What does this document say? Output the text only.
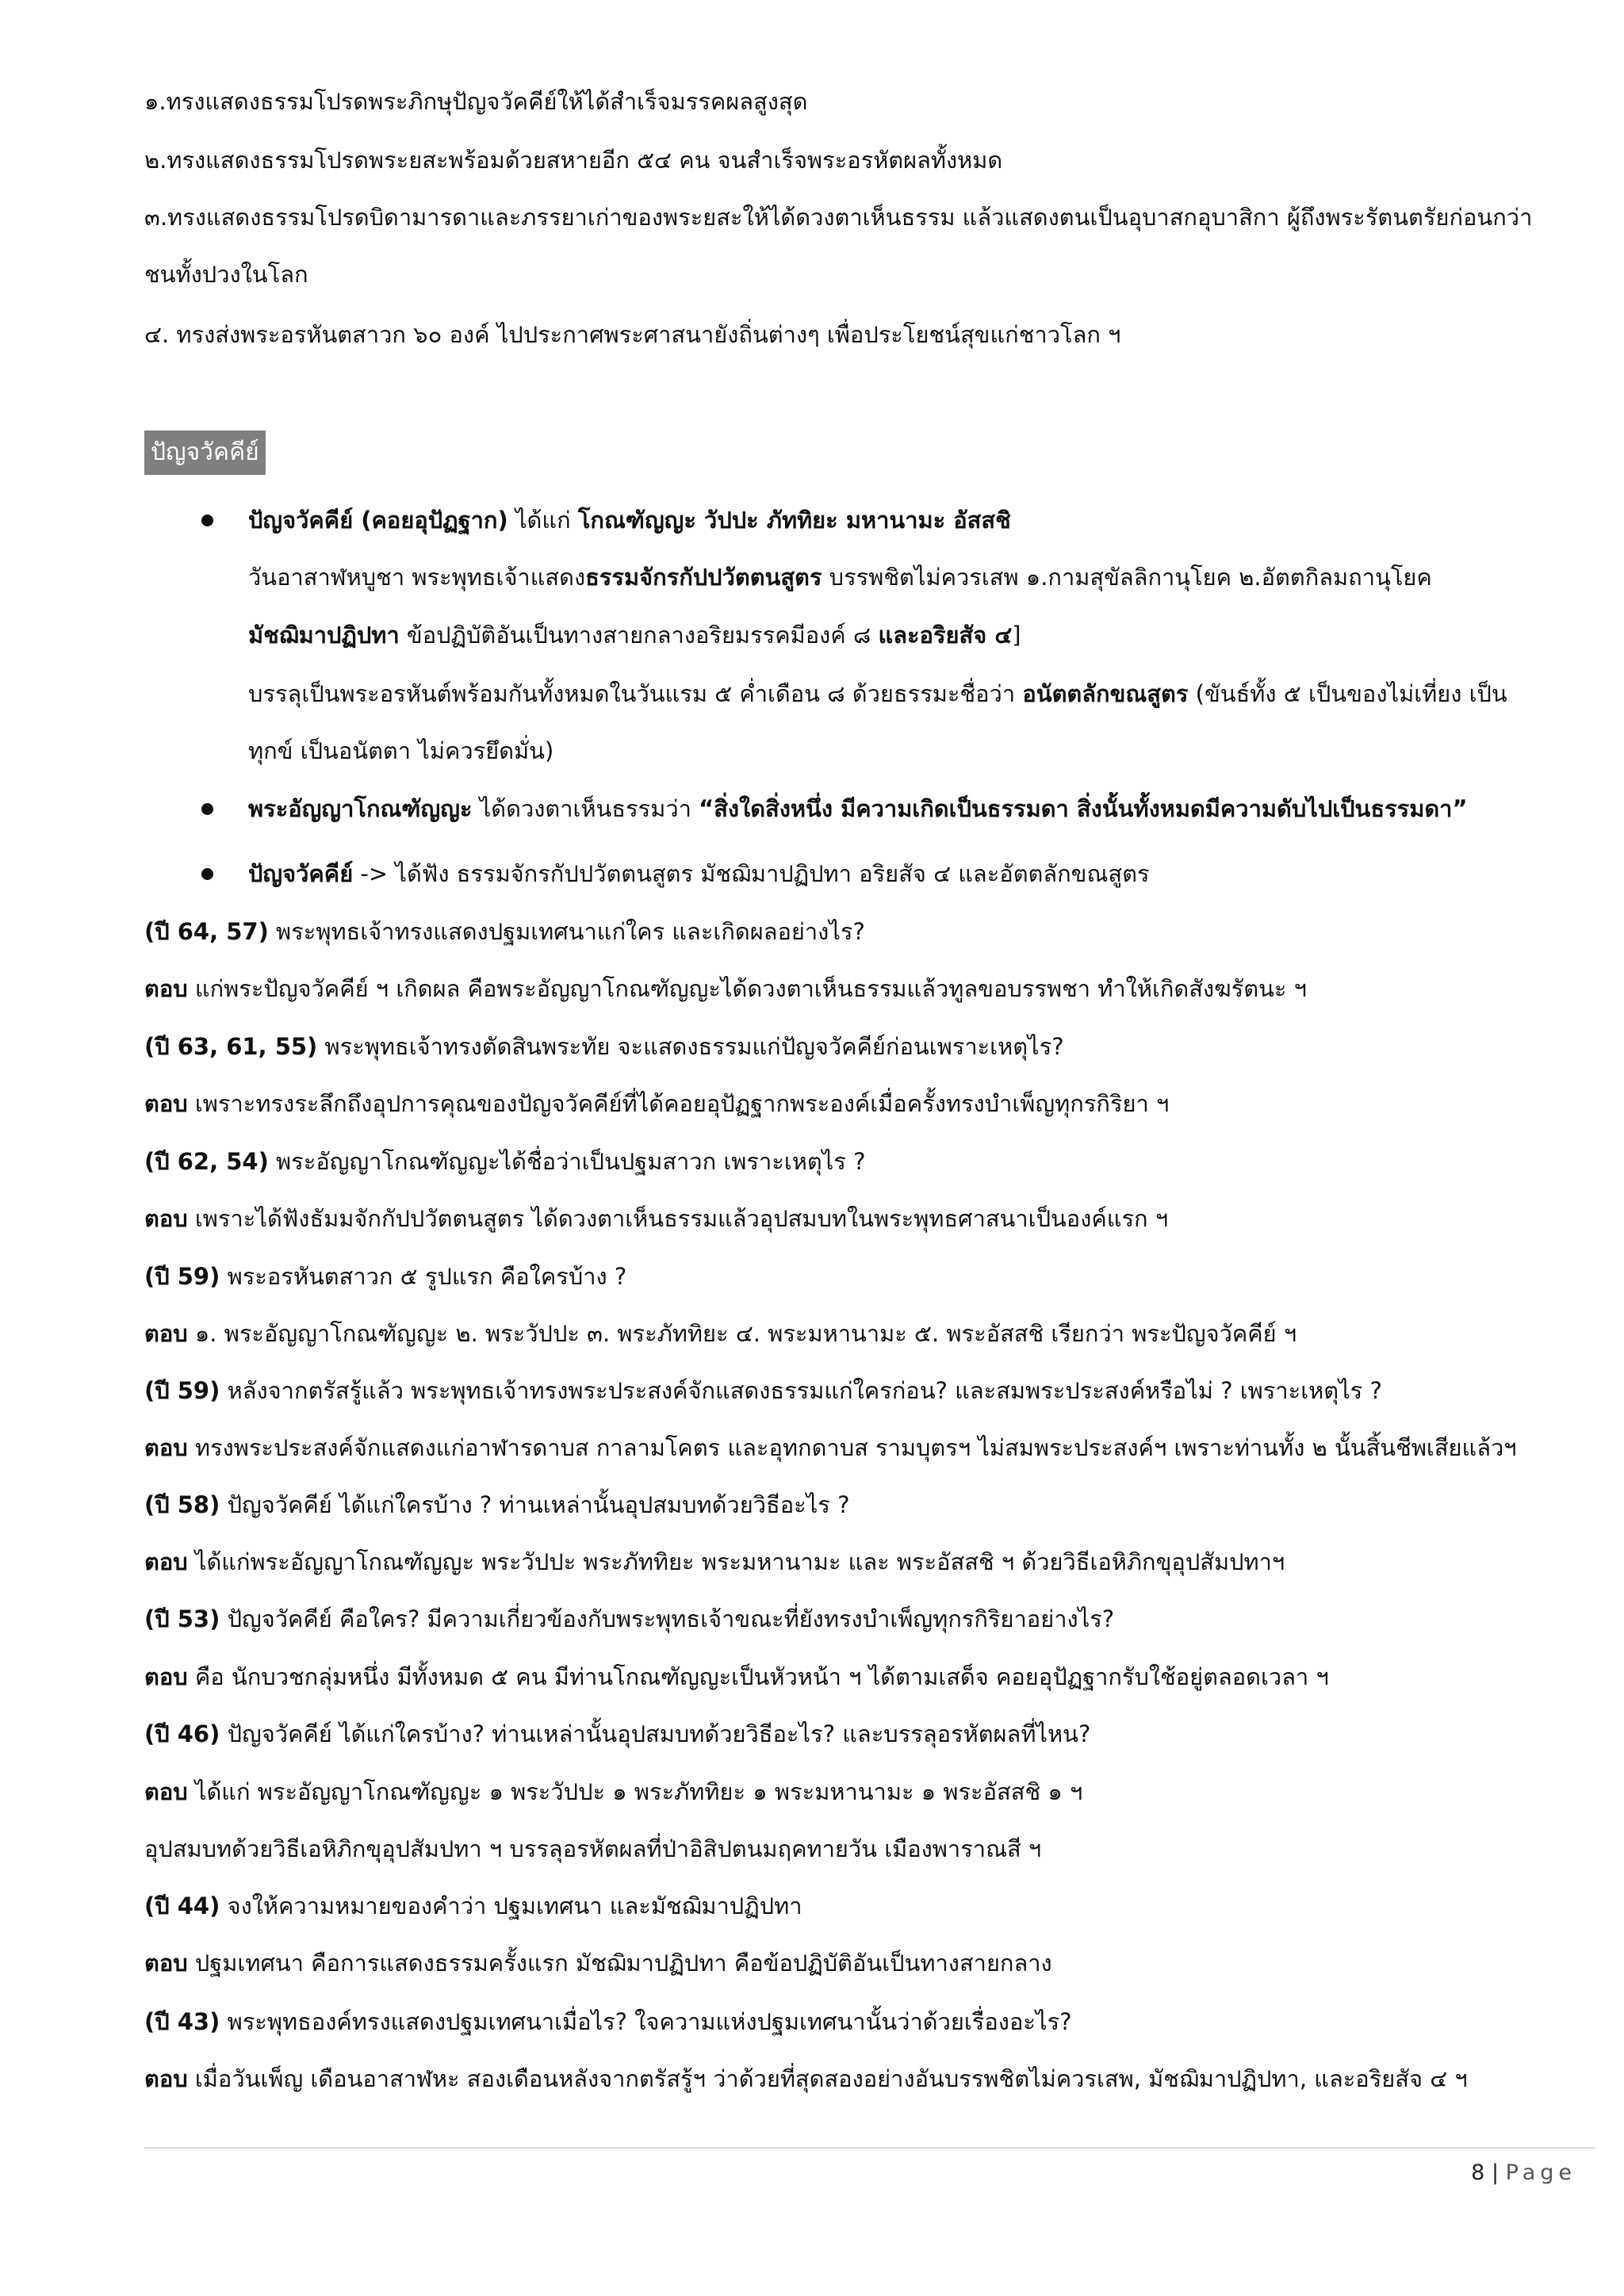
๑.ทรงแสดงธรรมโปรดพระภิกษุปัญจวัคคีย์ให้ได้สำเร็จมรรคผลสูงสุด
๒.ทรงแสดงธรรมโปรดพระยสะพร้อมด้วยสหายอีก ๕๔ คน จนสำเร็จพระอรหัตผลทั้งหมด
๓.ทรงแสดงธรรมโปรดบิดามารดาและภรรยาเก่าของพระยสะให้ได้ดวงตาเห็นธรรม แล้วแสดงตนเป็นอุบาสกอุบาสิกา ผู้ถึงพระรัตนตรัยก่อนกว่า
ชนทั้งปวงในโลก
๔. ทรงส่งพระอรหันตสาวก ๖๐ องค์ ไปประกาศพระศาสนายังถิ่นต่างๆ เพื่อประโยชน์สุขแก่ชาวโลก ฯ
ปัญจวัคคีย์
ปัญจวัคคีย์ (คอยอุปัฏฐาก) ได้แก่ โกณฑัญญะ วัปปะ ภัททิยะ มหานามะ อัสสชิ
วันอาสาฬหบูชา พระพุทธเจ้าแสดงธรรมจักรกัปปวัตตนสูตร บรรพชิตไม่ควรเสพ ๑.กามสุขัลลิกานุโยค ๒.อัตตกิลมถานุโยค
มัชฌิมาปฏิปทา ข้อปฏิบัติอันเป็นทางสายกลางอริยมรรคมีองค์ ๘ และอริยสัจ ๔]
บรรลุเป็นพระอรหันต์พร้อมกันทั้งหมดในวันแรม ๕ ค่ำเดือน ๘ ด้วยธรรมะชื่อว่า อนัตตลักขณสูตร (ขันธ์ทั้ง ๕ เป็นของไม่เที่ยง เป็น
ทุกข์ เป็นอนัตตา ไม่ควรยึดมั่น)
พระอัญญาโกณฑัญญะ ได้ดวงตาเห็นธรรมว่า “สิ่งใดสิ่งหนึ่ง มีความเกิดเป็นธรรมดา สิ่งนั้นทั้งหมดมีความดับไปเป็นธรรมดา”
ปัญจวัคคีย์ -> ได้ฟัง ธรรมจักรกัปปวัตตนสูตร มัชฌิมาปฏิปทา อริยสัจ ๔ และอัตตลักขณสูตร
(ปี 64, 57) พระพุทธเจ้าทรงแสดงปฐมเทศนาแก่ใคร และเกิดผลอย่างไร?
ตอบ แก่พระปัญจวัคคีย์ ฯ เกิดผล คือพระอัญญาโกณฑัญญะได้ดวงตาเห็นธรรมแล้วทูลขอบรรพชา ทำให้เกิดสังฆรัตนะ ฯ
(ปี 63, 61, 55) พระพุทธเจ้าทรงตัดสินพระทัย จะแสดงธรรมแก่ปัญจวัคคีย์ก่อนเพราะเหตุไร?
ตอบ เพราะทรงระลึกถึงอุปการคุณของปัญจวัคคีย์ที่ได้คอยอุปัฏฐากพระองค์เมื่อครั้งทรงบำเพ็ญทุกรกิริยา ฯ
(ปี 62, 54) พระอัญญาโกณฑัญญะได้ชื่อว่าเป็นปฐมสาวก เพราะเหตุไร ?
ตอบ เพราะได้ฟังธัมมจักกัปปวัตตนสูตร ได้ดวงตาเห็นธรรมแล้วอุปสมบทในพระพุทธศาสนาเป็นองค์แรก ฯ
(ปี 59) พระอรหันตสาวก ๕ รูปแรก คือใครบ้าง ?
ตอบ ๑. พระอัญญาโกณฑัญญะ ๒. พระวัปปะ ๓. พระภัททิยะ ๔. พระมหานามะ ๕. พระอัสสชิ เรียกว่า พระปัญจวัคคีย์ ฯ
(ปี 59) หลังจากตรัสรู้แล้ว พระพุทธเจ้าทรงพระประสงค์จักแสดงธรรมแก่ใครก่อน? และสมพระประสงค์หรือไม่ ? เพราะเหตุไร ?
ตอบ ทรงพระประสงค์จักแสดงแก่อาฬารดาบส กาลามโคตร และอุทกดาบส รามบุตรฯ ไม่สมพระประสงค์ฯ เพราะท่านทั้ง ๒ นั้นสิ้นชีพเสียแล้วฯ
(ปี 58) ปัญจวัคคีย์ ได้แก่ใครบ้าง ? ท่านเหล่านั้นอุปสมบทด้วยวิธีอะไร ?
ตอบ ได้แก่พระอัญญาโกณฑัญญะ พระวัปปะ พระภัททิยะ พระมหานามะ และ พระอัสสชิ ฯ ด้วยวิธีเอหิภิกขุอุปสัมปทาฯ
(ปี 53) ปัญจวัคคีย์ คือใคร? มีความเกี่ยวข้องกับพระพุทธเจ้าขณะที่ยังทรงบำเพ็ญทุกรกิริยาอย่างไร?
ตอบ คือ นักบวชกลุ่มหนึ่ง มีทั้งหมด ๕ คน มีท่านโกณฑัญญะเป็นหัวหน้า ฯ ได้ตามเสด็จ คอยอุปัฏฐากรับใช้อยู่ตลอดเวลา ฯ
(ปี 46) ปัญจวัคคีย์ ได้แก่ใครบ้าง? ท่านเหล่านั้นอุปสมบทด้วยวิธีอะไร? และบรรลุอรหัตผลที่ไหน?
ตอบ ได้แก่ พระอัญญาโกณฑัญญะ ๑ พระวัปปะ ๑ พระภัททิยะ ๑ พระมหานามะ ๑ พระอัสสชิ ๑ ฯ
อุปสมบทด้วยวิธีเอหิภิกขุอุปสัมปทา ฯ บรรลุอรหัตผลที่ป่าอิสิปตนมฤคทายวัน เมืองพาราณสี ฯ
(ปี 44) จงให้ความหมายของคำว่า ปฐมเทศนา และมัชฌิมาปฏิปทา
ตอบ ปฐมเทศนา คือการแสดงธรรมครั้งแรก มัชฌิมาปฏิปทา คือข้อปฏิบัติอันเป็นทางสายกลาง
(ปี 43) พระพุทธองค์ทรงแสดงปฐมเทศนาเมื่อไร? ใจความแห่งปฐมเทศนานั้นว่าด้วยเรื่องอะไร?
ตอบ เมื่อวันเพ็ญ เดือนอาสาฬหะ สองเดือนหลังจากตรัสรู้ฯ ว่าด้วยที่สุดสองอย่างอันบรรพชิตไม่ควรเสพ, มัชฌิมาปฏิปทา, และอริยสัจ ๔ ฯ
8 | Page
